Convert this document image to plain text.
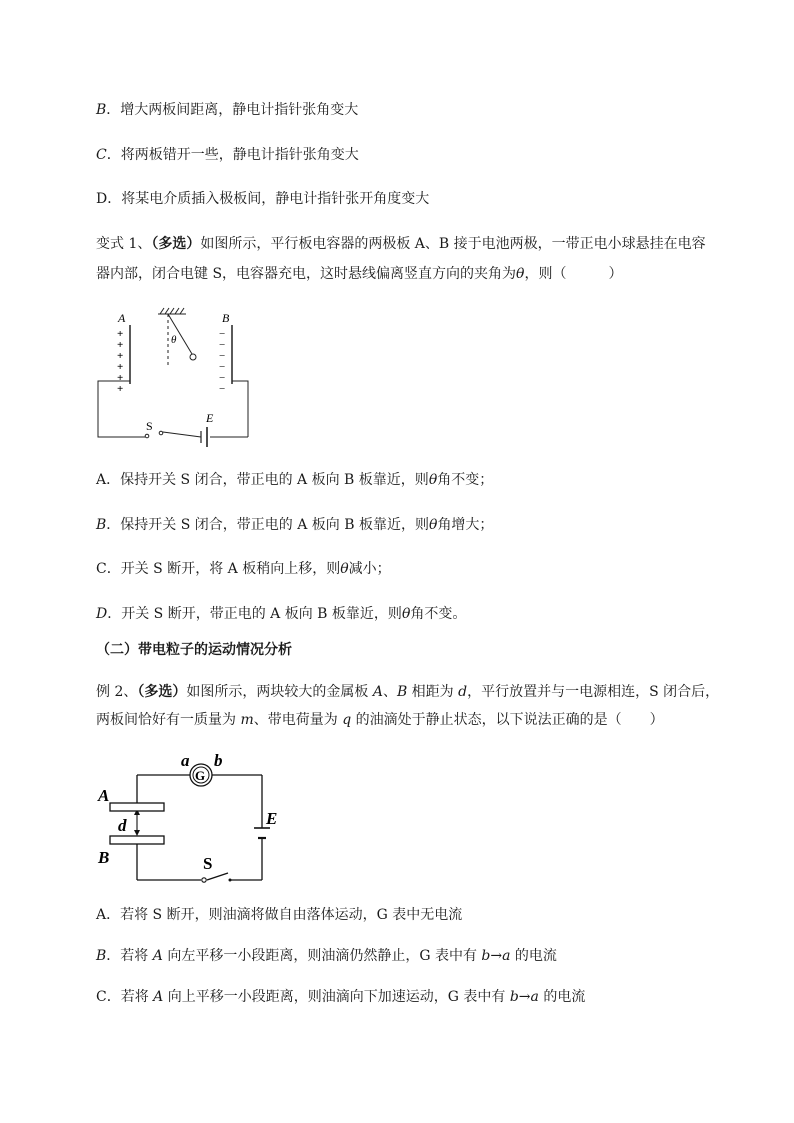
B．增大两板间距离，静电计指针张角变大
C．将两板错开一些，静电计指针张角变大
D．将某电介质插入极板间，静电计指针张开角度变大
变式 1、（多选）如图所示，平行板电容器的两极板 A、B 接于电池两极，一带正电小球悬挂在电容
器内部，闭合电键 S，电容器充电，这时悬线偏离竖直方向的夹角为θ，则（　　　）
A	B
θ
S
E
+
+
+
+
+
+
−
−
−
−
−
−
A．保持开关 S 闭合，带正电的 A 板向 B 板靠近，则θ角不变；
B．保持开关 S 闭合，带正电的 A 板向 B 板靠近，则θ角增大；
C．开关 S 断开，将 A 板稍向上移，则θ减小；
D．开关 S 断开，带正电的 A 板向 B 板靠近，则θ角不变。
（二）带电粒子的运动情况分析
例 2、（多选）如图所示，两块较大的金属板 A、B 相距为 d，平行放置并与一电源相连，S 闭合后，
两板间恰好有一质量为 m、带电荷量为 q 的油滴处于静止状态，以下说法正确的是（　　）
G
a b
A
d
B
E
S
A．若将 S 断开，则油滴将做自由落体运动，G 表中无电流
B．若将 A 向左平移一小段距离，则油滴仍然静止，G 表中有 b→a 的电流
C．若将 A 向上平移一小段距离，则油滴向下加速运动，G 表中有 b→a 的电流
